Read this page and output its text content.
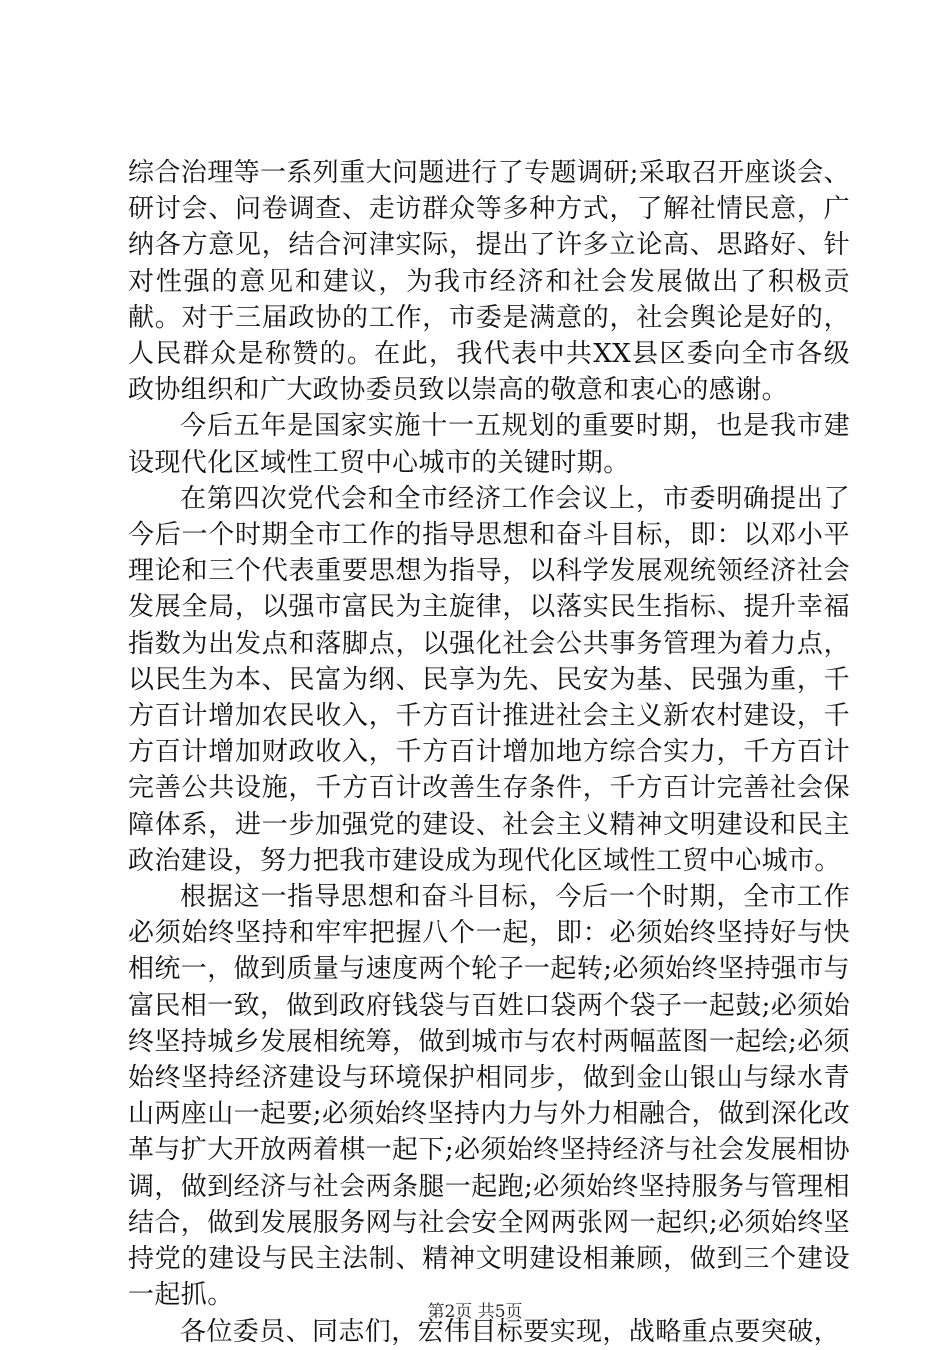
综合治理等一系列重大问题进行了专题调研;采取召开座谈会、研讨会、问卷调查、走访群众等多种方式，了解社情民意，广纳各方意见，结合河津实际，提出了许多立论高、思路好、针对性强的意见和建议，为我市经济和社会发展做出了积极贡献。对于三届政协的工作，市委是满意的，社会舆论是好的，人民群众是称赞的。在此，我代表中共XX县区委向全市各级政协组织和广大政协委员致以崇高的敬意和衷心的感谢。

今后五年是国家实施十一五规划的重要时期，也是我市建设现代化区域性工贸中心城市的关键时期。

在第四次党代会和全市经济工作会议上，市委明确提出了今后一个时期全市工作的指导思想和奋斗目标，即：以邓小平理论和三个代表重要思想为指导，以科学发展观统领经济社会发展全局，以强市富民为主旋律，以落实民生指标、提升幸福指数为出发点和落脚点，以强化社会公共事务管理为着力点，以民生为本、民富为纲、民享为先、民安为基、民强为重，千方百计增加农民收入，千方百计推进社会主义新农村建设，千方百计增加财政收入，千方百计增加地方综合实力，千方百计完善公共设施，千方百计改善生存条件，千方百计完善社会保障体系，进一步加强党的建设、社会主义精神文明建设和民主政治建设，努力把我市建设成为现代化区域性工贸中心城市。

根据这一指导思想和奋斗目标，今后一个时期，全市工作必须始终坚持和牢牢把握八个一起，即：必须始终坚持好与快相统一，做到质量与速度两个轮子一起转;必须始终坚持强市与富民相一致，做到政府钱袋与百姓口袋两个袋子一起鼓;必须始终坚持城乡发展相统筹，做到城市与农村两幅蓝图一起绘;必须始终坚持经济建设与环境保护相同步，做到金山银山与绿水青山两座山一起要;必须始终坚持内力与外力相融合，做到深化改革与扩大开放两着棋一起下;必须始终坚持经济与社会发展相协调，做到经济与社会两条腿一起跑;必须始终坚持服务与管理相结合，做到发展服务网与社会安全网两张网一起织;必须始终坚持党的建设与民主法制、精神文明建设相兼顾，做到三个建设一起抓。

各位委员、同志们，宏伟目标要实现，战略重点要突破，

第2页 共5页
